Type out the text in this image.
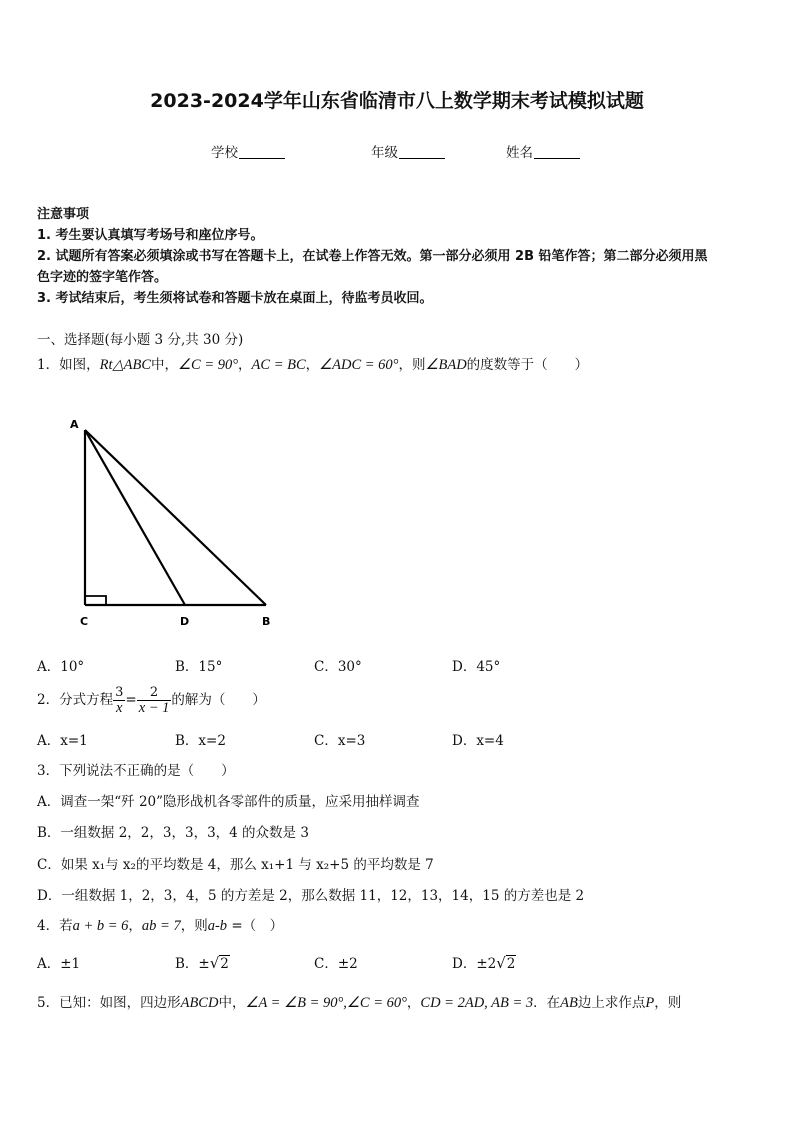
2023-2024学年山东省临清市八上数学期末考试模拟试题
学校	年级	姓名
注意事项
1. 考生要认真填写考场号和座位序号。
2. 试题所有答案必须填涂或书写在答题卡上，在试卷上作答无效。第一部分必须用 2B 铅笔作答；第二部分必须用黑
色字迹的签字笔作答。
3. 考试结束后，考生须将试卷和答题卡放在桌面上，待监考员收回。
一、选择题(每小题 3 分,共 30 分)
1．如图，Rt△ABC中，∠C = 90°，AC = BC，∠ADC = 60°，则∠BAD的度数等于（　　）
A
C	D	B
A．10°	B．15°	C．30°	D．45°
2．分式方程 $\frac{3}{x} = \frac{2}{x - 1}$ 的解为（　　）
A．x=1	B．x=2	C．x=3	D．x=4
3．下列说法不正确的是（　　）
A．调查一架“歼 20”隐形战机各零部件的质量，应采用抽样调查
B．一组数据 2，2，3，3，3，4 的众数是 3
C．如果 x₁与 x₂的平均数是 4，那么 x₁+1 与 x₂+5 的平均数是 7
D．一组数据 1，2，3，4，5 的方差是 2，那么数据 11，12，13，14，15 的方差也是 2
4．若a + b = 6，ab = 7，则a-b =（　）
A．±1	B．±√2	C．±2	D．±2√2
5．已知：如图，四边形ABCD中，∠A = ∠B = 90°,∠C = 60°，CD = 2AD, AB = 3．在AB边上求作点P，则
